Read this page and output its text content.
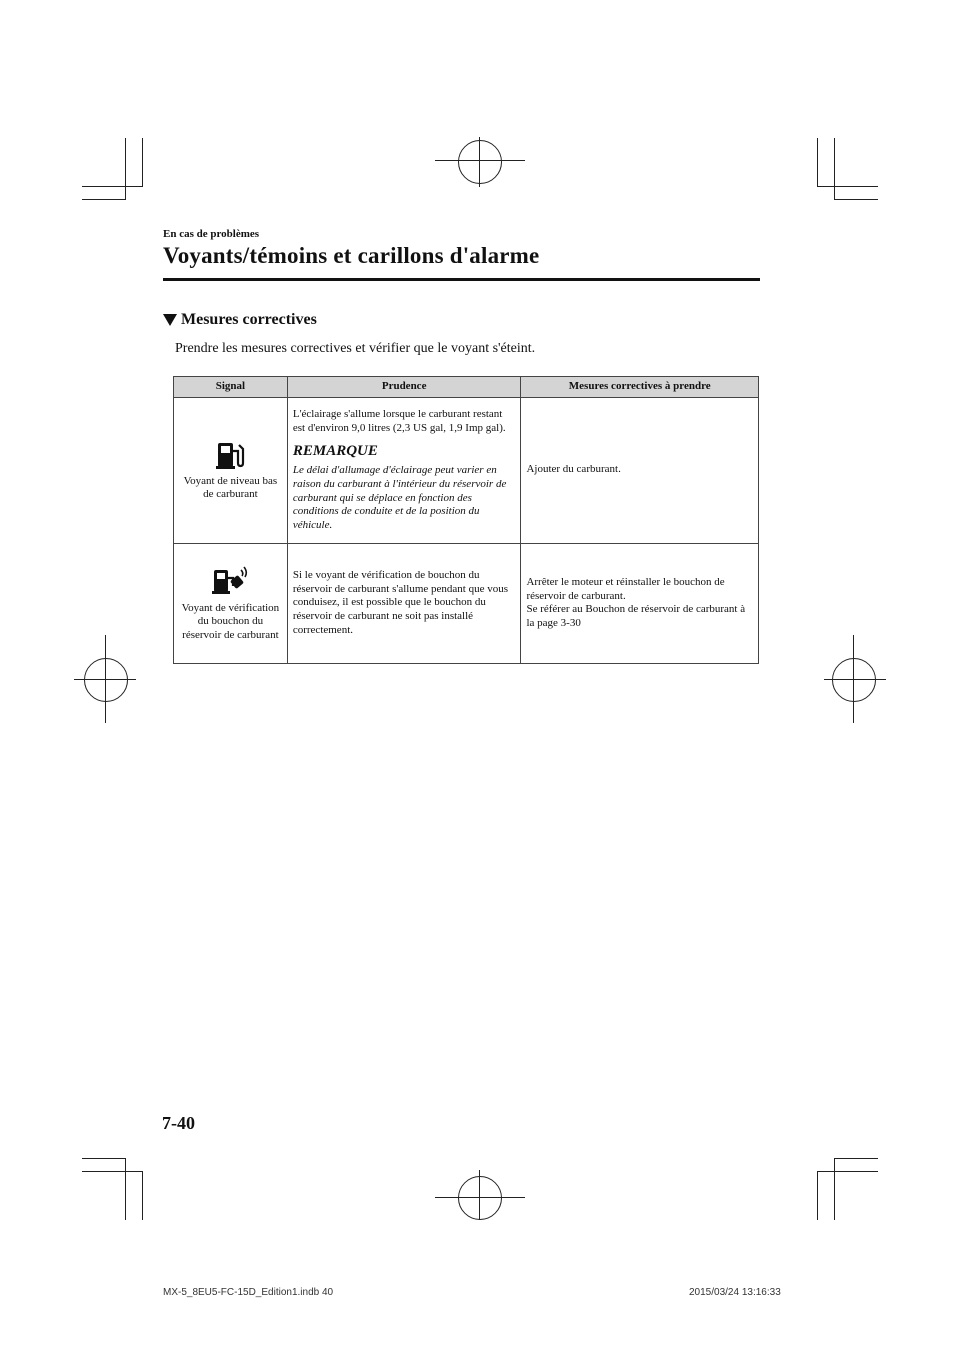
En cas de problèmes
Voyants/témoins et carillons d'alarme
Mesures correctives
Prendre les mesures correctives et vérifier que le voyant s'éteint.
Signal	Prudence	Mesures correctives à prendre

Voyant de niveau bas de carburant	L'éclairage s'allume lorsque le carburant restant est d'environ 9,0 litres (2,3 US gal, 1,9 Imp gal).
REMARQUE
Le délai d'allumage d'éclairage peut varier en raison du carburant à l'intérieur du réservoir de carburant qui se déplace en fonction des conditions de conduite et de la position du véhicule.	Ajouter du carburant.

Voyant de vérification du bouchon du réservoir de carburant	Si le voyant de vérification de bouchon du réservoir de carburant s'allume pendant que vous conduisez, il est possible que le bouchon du réservoir de carburant ne soit pas installé correctement.	Arrêter le moteur et réinstaller le bouchon de réservoir de carburant.
Se référer au Bouchon de réservoir de carburant à la page 3-30
7-40
MX-5_8EU5-FC-15D_Edition1.indb 40	2015/03/24 13:16:33
